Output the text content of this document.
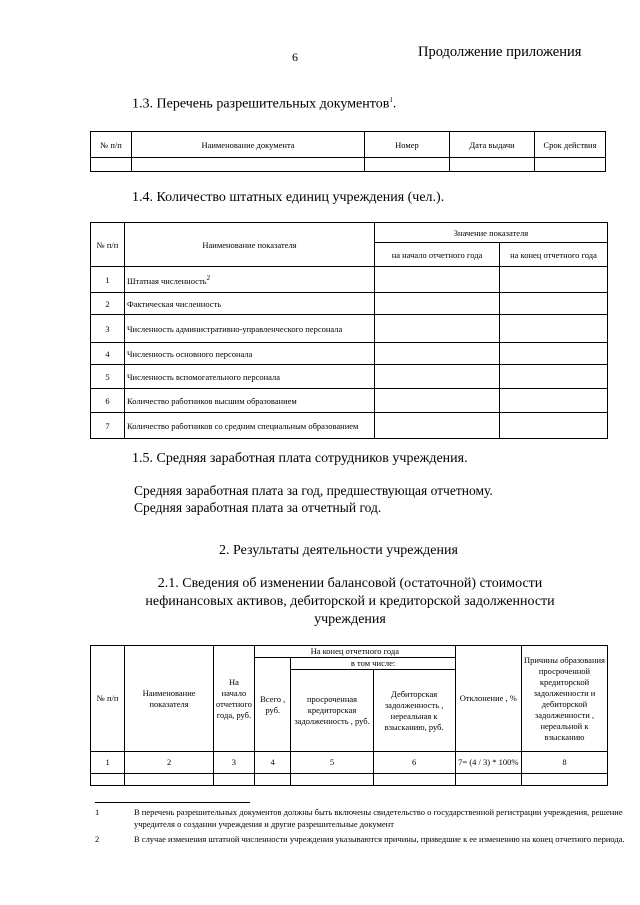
6	Продолжение приложения
1.3. Перечень разрешительных документов$^1$.
№ п/п	Наименование документа	Номер	Дата выдачи	Срок действия

1.4. Количество штатных единиц учреждения (чел.).
№ п/п	Наименование показателя	Значение показателя	
		на начало отчетного года	на конец отчетного года
1	Штатная численность$^2$		
2	Фактическая численность		
3	Численность административно-управленческого персонала		
4	Численность основного персонала		
5	Численность вспомогательного персонала		
6	Количество работников высшим образованием		
7	Количество работников со средним специальным образованием		
1.5. Средняя заработная плата сотрудников учреждения.
Средняя заработная плата за год, предшествующая отчетному.
Средняя заработная плата за отчетный год.
2. Результаты деятельности учреждения
2.1. Сведения об изменении балансовой (остаточной) стоимости
нефинансовых активов, дебиторской и кредиторской задолженности
учреждения
№ п/п	Наименование показателя	На начало отчетного года, руб.	На конец отчетного года			Отклонение , %	Причины образования просроченной кредиторской задолженности и дебиторской задолженности , нереальной к взысканию
			Всего , руб.	в том числе:			
				просроченная кредиторская задолженность , руб.	Дебиторская задолженность , нереальная к взысканию, руб.		
1	2	3	4	5	6	7= (4 / 3) * 100%	8

1	В перечень разрешительных документов должны быть включены свидетельство о государственной регистрации учреждения, решение учредителя о создании учреждения и другие разрешительные документ
2	В случае изменения штатной численности учреждения указываются причины, приведшие к ее изменению на конец отчетного периода.
